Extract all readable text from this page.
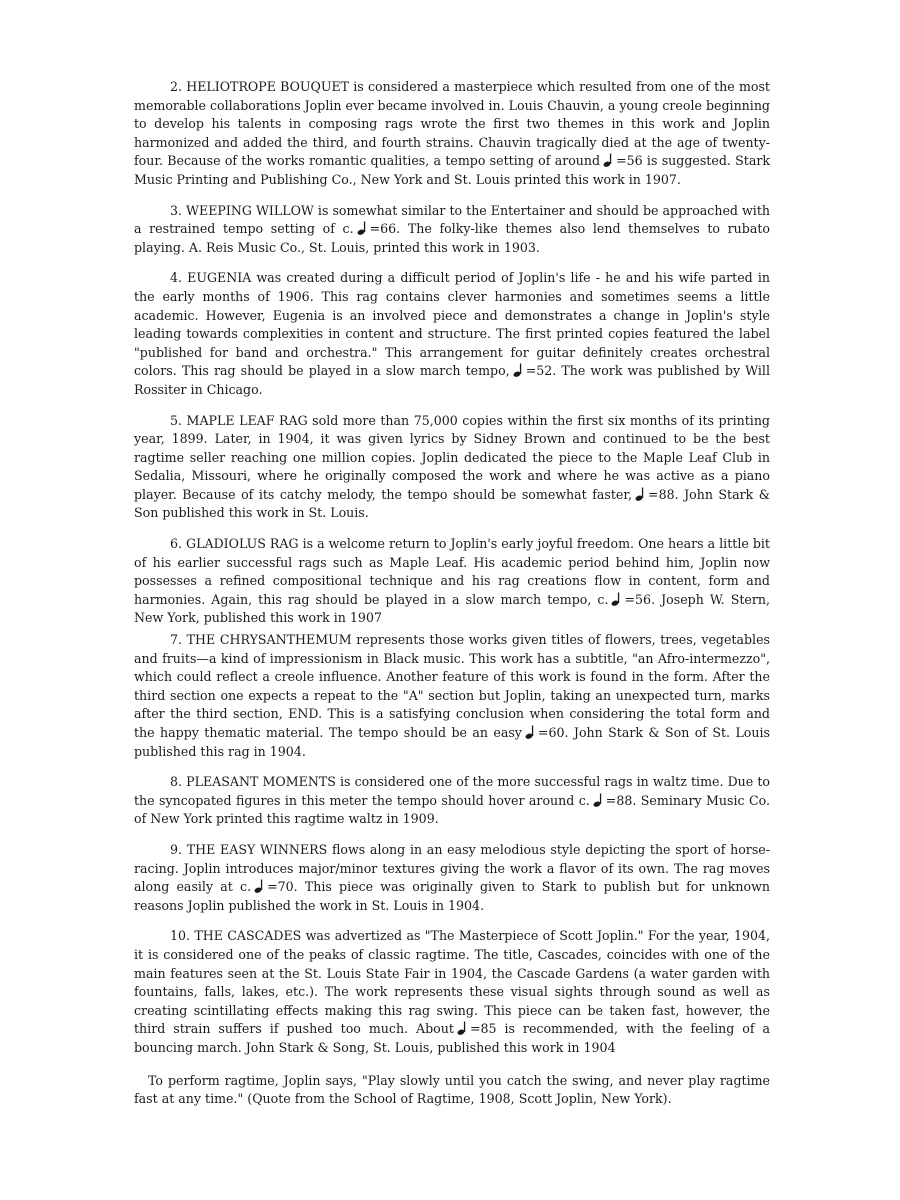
2. HELIOTROPE BOUQUET is considered a masterpiece which resulted from one of the most memorable collaborations Joplin ever became involved in. Louis Chauvin, a young creole beginning to develop his talents in composing rags wrote the first two themes in this work and Joplin harmonized and added the third, and fourth strains. Chauvin tragically died at the age of twenty-four. Because of the works romantic qualities, a tempo setting of around =56 is suggested. Stark Music Printing and Publishing Co., New York and St. Louis printed this work in 1907.

3. WEEPING WILLOW is somewhat similar to the Entertainer and should be approached with a restrained tempo setting of c. =66. The folky-like themes also lend themselves to rubato playing. A. Reis Music Co., St. Louis, printed this work in 1903.

4. EUGENIA was created during a difficult period of Joplin's life - he and his wife parted in the early months of 1906. This rag contains clever harmonies and sometimes seems a little academic. However, Eugenia is an involved piece and demonstrates a change in Joplin's style leading towards complexities in content and structure. The first printed copies featured the label "published for band and orchestra." This arrangement for guitar definitely creates orchestral colors. This rag should be played in a slow march tempo, =52. The work was published by Will Rossiter in Chicago.

5. MAPLE LEAF RAG sold more than 75,000 copies within the first six months of its printing year, 1899. Later, in 1904, it was given lyrics by Sidney Brown and continued to be the best ragtime seller reaching one million copies. Joplin dedicated the piece to the Maple Leaf Club in Sedalia, Missouri, where he originally composed the work and where he was active as a piano player. Because of its catchy melody, the tempo should be somewhat faster, =88. John Stark & Son published this work in St. Louis.

6. GLADIOLUS RAG is a welcome return to Joplin's early joyful freedom. One hears a little bit of his earlier successful rags such as Maple Leaf. His academic period behind him, Joplin now possesses a refined compositional technique and his rag creations flow in content, form and harmonies. Again, this rag should be played in a slow march tempo, c. =56. Joseph W. Stern, New York, published this work in 1907

7. THE CHRYSANTHEMUM represents those works given titles of flowers, trees, vegetables and fruits—a kind of impressionism in Black music. This work has a subtitle, "an Afro-intermezzo", which could reflect a creole influence. Another feature of this work is found in the form. After the third section one expects a repeat to the "A" section but Joplin, taking an unexpected turn, marks after the third section, END. This is a satisfying conclusion when considering the total form and the happy thematic material. The tempo should be an easy =60. John Stark & Son of St. Louis published this rag in 1904.

8. PLEASANT MOMENTS is considered one of the more successful rags in waltz time. Due to the syncopated figures in this meter the tempo should hover around c. =88. Seminary Music Co. of New York printed this ragtime waltz in 1909.

9. THE EASY WINNERS flows along in an easy melodious style depicting the sport of horse-racing. Joplin introduces major/minor textures giving the work a flavor of its own. The rag moves along easily at c. =70. This piece was originally given to Stark to publish but for unknown reasons Joplin published the work in St. Louis in 1904.

10. THE CASCADES was advertized as "The Masterpiece of Scott Joplin." For the year, 1904, it is considered one of the peaks of classic ragtime. The title, Cascades, coincides with one of the main features seen at the St. Louis State Fair in 1904, the Cascade Gardens (a water garden with fountains, falls, lakes, etc.). The work represents these visual sights through sound as well as creating scintillating effects making this rag swing. This piece can be taken fast, however, the third strain suffers if pushed too much. About =85 is recommended, with the feeling of a bouncing march. John Stark & Song, St. Louis, published this work in 1904

To perform ragtime, Joplin says, "Play slowly until you catch the swing, and never play ragtime fast at any time." (Quote from the School of Ragtime, 1908, Scott Joplin, New York).
